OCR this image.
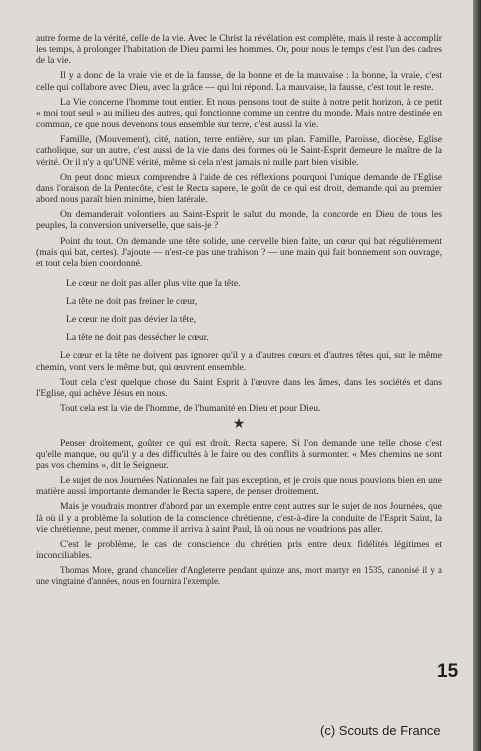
autre forme de la vérité, celle de la vie. Avec le Christ la révélation est complète, mais il reste à accomplir les temps, à prolonger l'habitation de Dieu parmi les hommes. Or, pour nous le temps c'est l'un des cadres de la vie.

Il y a donc de la vraie vie et de la fausse, de la bonne et de la mauvaise : la bonne, la vraie, c'est celle qui collabore avec Dieu, avec la grâce — qui lui répond. La mauvaise, la fausse, c'est tout le reste.

La Vie concerne l'homme tout entier. Et nous pensons tout de suite à notre petit horizon, à ce petit « moi tout seul » au milieu des autres, qui fonctionne comme un centre du monde. Mais notre destinée en commun, ce que nous devenons tous ensemble sur terre, c'est aussi la vie.

Famille, (Mouvement), cité, nation, terre entière, sur un plan. Famille, Paroisse, diocèse, Eglise catholique, sur un autre, c'est aussi de la vie dans des formes où le Saint-Esprit demeure le maître de la vérité. Or il n'y a qu'UNE vérité, même si cela n'est jamais ni nulle part bien visible.

On peut donc mieux comprendre à l'aide de ces réflexions pourquoi l'unique demande de l'Eglise dans l'oraison de la Pentecôte, c'est le Recta sapere, le goût de ce qui est droit, demande qui au premier abord nous paraît bien minime, bien latérale.

On demanderait volontiers au Saint-Esprit le salut du monde, la concorde en Dieu de tous les peuples, la conversion universelle, que sais-je ?

Point du tout. On demande une tête solide, une cervelle bien faite, un cœur qui bat régulièrement (mais qui bat, certes). J'ajoute — n'est-ce pas une trahison ? — une main qui fait bonnement son ouvrage, et tout cela bien coordonné.

Le cœur ne doit pas aller plus vite que la tête.

La tête ne doit pas freiner le cœur,

Le cœur ne doit pas dévier la tête,

La tête ne doit pas dessécher le cœur.

Le cœur et la tête ne doivent pas ignorer qu'il y a d'autres cœurs et d'autres têtes qui, sur le même chemin, vont vers le même but, qui œuvrent ensemble.

Tout cela c'est quelque chose du Saint Esprit à l'œuvre dans les âmes, dans les sociétés et dans l'Eglise, qui achève Jésus en nous.

Tout cela est la vie de l'homme, de l'humanité en Dieu et pour Dieu.

★

Penser droitement, goûter ce qui est droit. Recta sapere. Si l'on demande une telle chose c'est qu'elle manque, ou qu'il y a des difficultés à le faire ou des conflits à surmonter. « Mes chemins ne sont pas vos chemins », dit le Seigneur.

Le sujet de nos Journées Nationales ne fait pas exception, et je crois que nous pouvions bien en une matière aussi importante demander le Recta sapere, de penser droitement.

Mais je voudrais montrer d'abord par un exemple entre cent autres sur le sujet de nos Journées, que là où il y a problème la solution de la conscience chrétienne, c'est-à-dire la conduite de l'Esprit Saint, la vie chrétienne, peut mener, comme il arriva à saint Paul, là où nous ne voudrions pas aller.

C'est le problème, le cas de conscience du chrétien pris entre deux fidélités légitimes et inconciliables.

Thomas More, grand chancelier d'Angleterre pendant quinze ans, mort martyr en 1535, canonisé il y a une vingtaine d'années, nous en fournira l'exemple.

15
(c) Scouts de France
